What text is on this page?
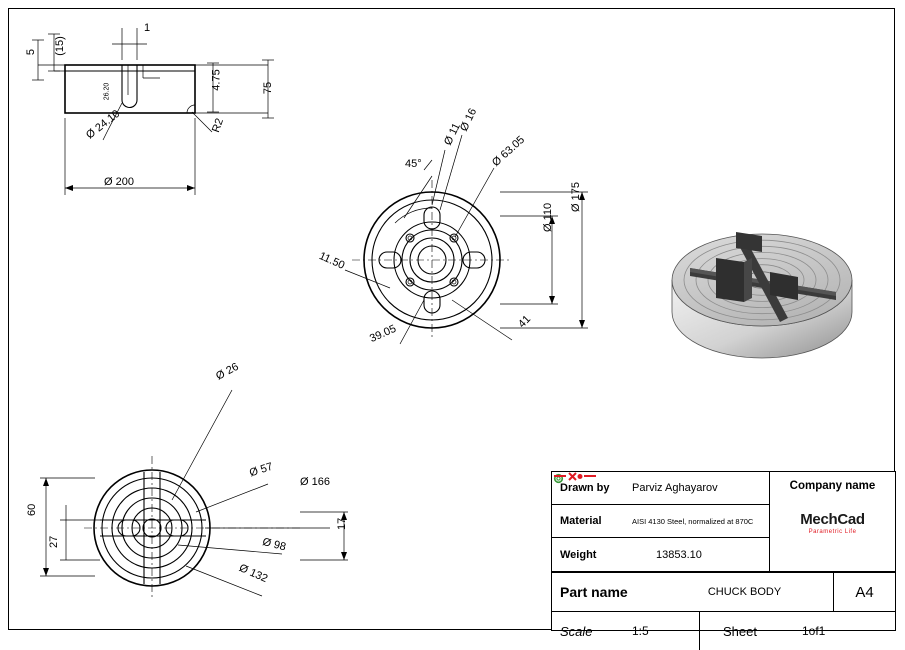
5 (15)
1
4.75	75
26.20
Ø 24.10	R2
Ø 200
45°
Ø 11
Ø 16
Ø 63.05
Ø 175
Ø 110
11.50
39.05
41
Ø 26
Ø 57
Ø 166
Ø 98
Ø 132
60
27
17
Drawn by	Parviz Aghayarov
Material	AISI 4130 Steel, normalized at 870C
Weight	13853.10
Company name
MechCad
Parametric Life
Part name	CHUCK BODY	A4
Scale	1:5	Sheet	1of1
